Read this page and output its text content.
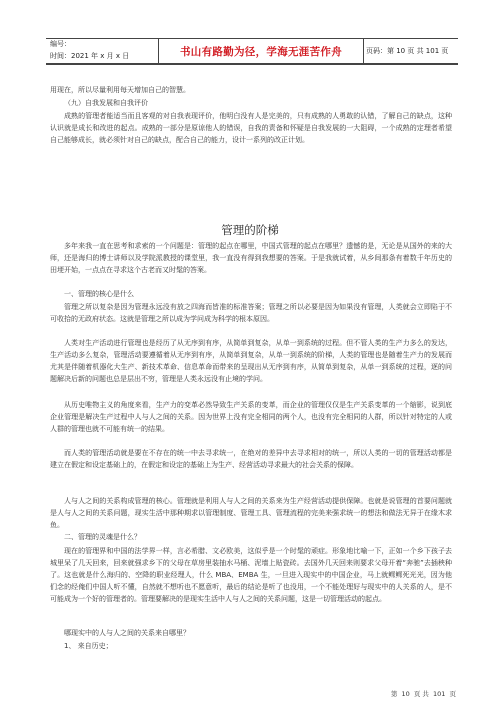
编号：
时间：2021 年 x 月 x 日	书山有路勤为径，学海无涯苦作舟	页码：第 10 页 共 101 页
用现在，所以尽量利用每天增加自己的智慧。
（九）自我发展和自我评价
成熟的管理者能适当而且客观的对自我表现评价，他明白没有人是完美的，只有成熟的人勇敢的认错，了解自己的缺点，这种认识就是成长和改进的起点。成熟的一部分是原谅他人的错误，自我的责备和怀疑是自我发展的一大阻碍，一个成熟的定理者希望自己能够成长，就必须针对自己的缺点，配合自己的能力，设计一系列的改正计划。
管理的阶梯
多年来我一直在思考和求索的一个问题是：管理的起点在哪里，中国式管理的起点在哪里？遗憾的是，无论是从国外的来的大师，还是海归的博士讲师以及学院派教授的课堂里，我一直没有得到我想要的答案。于是我就试着，从乡间那条有着数千年历史的田埂开始，一点点在寻求这个古老而又时髦的答案。
一、管理的核心是什么
管理之所以复杂是因为管理永远没有放之四海而皆准的标准答案；管理之所以必要是因为如果没有管理，人类就会立即陷于不可收拾的无政府状态。这就是管理之所以成为学问成为科学的根本原因。
人类对生产活动进行管理也是经历了从无序到有序，从简单到复杂，从单一到系统的过程。但不管人类的生产力多么的发达，生产活动多么复杂，管理活动要遵循着从无序到有序，从简单到复杂，从单一到系统的阶梯，人类的管理也是随着生产力的发展而尤其是伴随着机器化大生产、新技术革命、信息革命而带来的呈现出从无序到有序，从简单到复杂，从单一到系统的过程，逐的问题解决后新的问题也总是层出不穷，管理是人类永远没有止境的学问。
从历史唯物主义的角度来看，生产力的变革必然导致生产关系的变革，而企业的管理仅仅是生产关系变革的一个缩影，说到底企业管理是解决生产过程中人与人之间的关系。因为世界上没有完全相同的两个人，也没有完全相同的人群，所以针对特定的人或人群的管理也就不可能有统一的结果。
而人类的管理活动就是要在不存在的统一中去寻求统一，在绝对的差异中去寻求相对的统一，所以人类的一切的管理活动都是建立在假定和设定基础上的，在假定和设定的基础上为生产、经营活动寻求最大的社会关系的保障。
人与人之间的关系构成管理的核心。管理就是利用人与人之间的关系来为生产经营活动提供保障。也就是说管理的首要问题就是人与人之间的关系问题，现实生活中那种期求以管理制度、管理工具、管理流程的完美来强求统一的想法和做法无异于在缘木求鱼。
二、管理的灵魂是什么？
现在的管理界和中国的法学界一样，言必希腊、文必欧美，这似乎是一个时髦的顽症。形象地比喻一下，正如一个乡下孩子去城里呆了几天回来，回来就强求乡下的父母在草房里装抽水马桶、泥墙上贴瓷砖。去国外几天回来则要求父母开着“奔驰”去插秧种了。这也就是什么海归的、空降的职业经理人，什么 MBA、EMBA 生，一旦进入现实中的中国企业，马上就鳏鳏死光光，因为他们念的经俺们中国人听不懂，自然就不想听也不愿意听，最后的结论是听了也没用，一个不能处理好与现实中的人关系的人，是不可能成为一个好的管理者的。管理要解决的是现实生活中人与人之间的关系问题，这是一切管理活动的起点。
哪现实中的人与人之间的关系来自哪里？
1、 来自历史；
第 10 页 共 101 页
